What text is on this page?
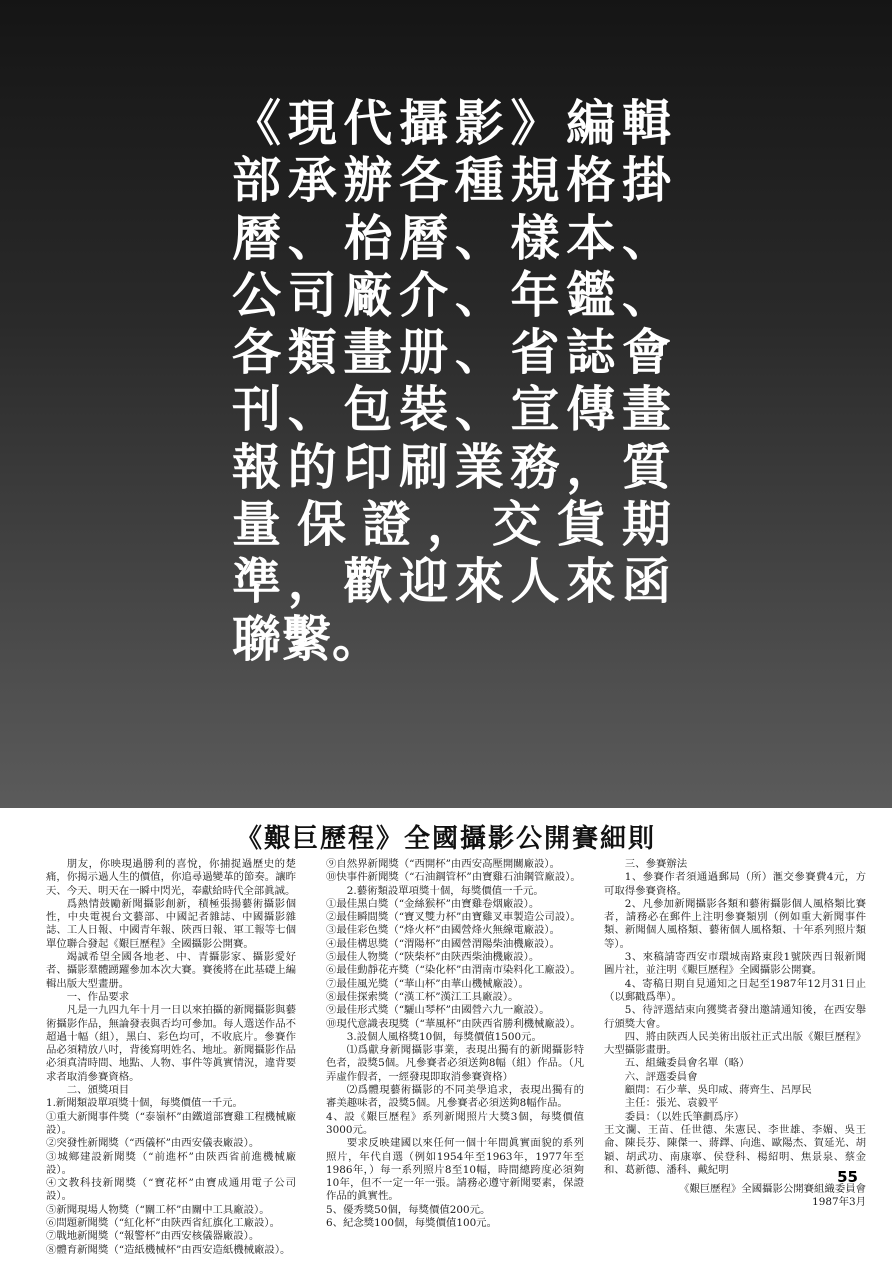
《現代攝影》編輯部承辦各種規格掛曆、枱曆、樣本、公司廠介、年鑑、各類畫册、省誌會刊、包裝、宣傳畫報的印刷業務，質量保證，交貨期準，歡迎來人來函聯繫。

《艱巨歷程》全國攝影公開賽細則

朋友，你映現過勝利的喜悅，你捕捉過歷史的楚痛，你揭示過人生的價值，你追尋過變革的節奏。讓昨天、今天、明天在一瞬中閃光，奉獻給時代全部眞誠。

爲熱情鼓勵新聞攝影創新，積極張揚藝術攝影個性，中央電視台文藝部、中國記者雜誌、中國攝影雜誌、工人日報、中國青年報、陝西日報、軍工報等七個單位聯合發起《艱巨歷程》全國攝影公開賽。

竭誠希望全國各地老、中、青攝影家、攝影愛好者、攝影羣體踴躍參加本次大賽。賽後將在此基礎上編輯出版大型畫册。

一、作品要求

凡是一九四九年十月一日以來拍攝的新聞攝影與藝術攝影作品，無論發表與否均可參加。每人選送作品不超過十幅（組），黑白、彩色均可，不收底片。參賽作品必須精放八吋，背後寫明姓名、地址。新聞攝影作品必須真清時間、地點、人物、事件等眞實情況，違背要求者取消參賽資格。

二、頒獎項目

1.新聞類設單項獎十個，每獎價值一千元。

①重大新聞事件獎（“泰嶺杯”由鐵道部寶雞工程機械廠設）。

②突發性新聞獎（“西儀杯”由西安儀表廠設）。

③城鄉建設新聞獎（“前進杯”由陝西省前進機械廠設）。

④文教科技新聞獎（“寶花杯”由寶成通用電子公司設）。

⑤新聞現場人物獎（“關工杯”由關中工具廠設）。

⑥問題新聞獎（“紅化杯”由陝西省紅旗化工廠設）。

⑦戰地新聞獎（“報警杯”由西安核儀器廠設）。

⑧體育新聞獎（“造紙機械杯”由西安造紙機械廠設）。

⑨自然界新聞獎（“西開杯”由西安高壓開關廠設）。

⑩快事件新聞獎（“石油鋼管杯”由寶雞石油鋼管廠設）。

2.藝術類設單項獎十個，每獎價值一千元。

①最佳黑白獎（“金絲猴杯”由寶雞卷烟廠設）。

②最佳瞬間獎（“寶叉雙力杯”由寶雞叉車製造公司設）。

③最佳彩色獎（“烽火杯”由國營烽火無線電廠設）。

④最佳構思獎（“渭陽杯”由國營渭陽柴油機廠設）。

⑤最佳人物獎（“陝柴杯”由陝西柴油機廠設）。

⑥最佳動靜花卉獎（“染化杯”由渭南市染料化工廠設）。

⑦最佳風光獎（“華山杯”由華山機械廠設）。

⑧最佳探索獎（“漢工杯”漢江工具廠設）。

⑨最佳形式獎（“驪山琴杯”由國營六九一廠設）。

⑩現代意識表現獎（“華風杯”由陝西省勝利機械廠設）。

3.設個人風格獎10個，每獎價值1500元。

⑴爲獻身新聞攝影事業，表現出獨有的新聞攝影特色者，設獎5個。凡參賽者必須送夠8幅（組）作品。（凡弄虛作假者，一經發現即取消參賽資格）

⑵爲體現藝術攝影的不同美學追求，表現出獨有的審美趣味者，設獎5個。凡參賽者必須送夠8幅作品。

4、設《艱巨歷程》系列新聞照片大獎3個，每獎價值3000元。

要求反映建國以來任何一個十年間眞實面貌的系列照片，年代自選（例如1954年至1963年，1977年至1986年，）每一系列照片8至10幅，時間總跨度必須夠10年，但不一定一年一張。請務必遵守新聞要素，保證作品的眞實性。

5、優秀獎50個，每獎價值200元。

6、紀念獎100個，每獎價值100元。

三、參賽辦法

1、參賽作者須通過郵局（所）滙交參賽費4元，方可取得參賽資格。

2、凡參加新聞攝影各類和藝術攝影個人風格類比賽者，請務必在郵件上注明參賽類別（例如重大新聞事件類、新聞個人風格類、藝術個人風格類、十年系列照片類等）。

3、來稿請寄西安市環城南路東段1號陝西日報新聞圖片社，並注明《艱巨歷程》全國攝影公開賽。

4、寄稿日期自見通知之日起至1987年12月31日止（以郵戳爲準）。

5、待評選結束向獲獎者發出邀請通知後，在西安舉行頒獎大會。

四、將由陝西人民美術出版社正式出版《艱巨歷程》大型攝影畫册。

五、組織委員會名單（略）

六、評選委員會

顧問：石少華、吳印咸、蔣齊生、呂厚民

主任：張光、袁毅平

委員：（以姓氏筆劃爲序）

王文瀾、王苗、任世德、朱憲民、李世雄、李媚、吳王侖、陳長芬、陳傑一、蔣鐸、向進、歐陽杰、賀延光、胡穎、胡武功、南康寧、侯登科、楊紹明、焦景泉、蔡金和、葛新德、潘科、戴紀明

《艱巨歷程》全國攝影公開賽組織委員會

1987年3月

55
